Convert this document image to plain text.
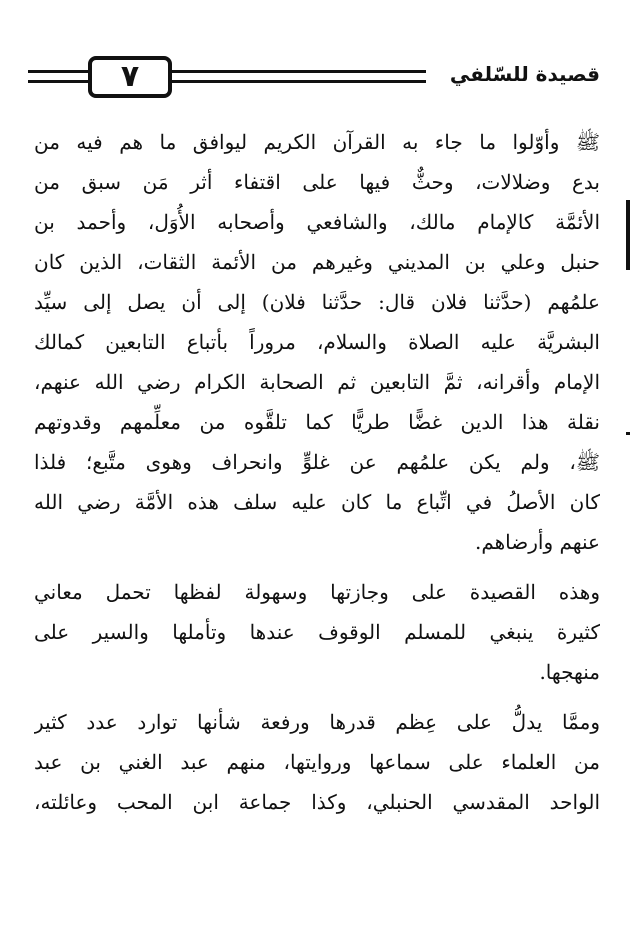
٧	قصيدة للسّلفي
ﷺ وأوّلوا ما جاء به القرآن الكريم ليوافق ما هم فيه من
بدع وضلالات، وحثٌّ فيها على اقتفاء أثر مَن سبق من
الأئمَّة كالإمام مالك، والشافعي وأصحابه الأُوَل، وأحمد بن
حنبل وعلي بن المديني وغيرهم من الأئمة الثقات، الذين كان
علمُهم (حدَّثنا فلان قال: حدَّثنا فلان) إلى أن يصل إلى سيِّد
البشريَّة عليه الصلاة والسلام، مروراً بأتباع التابعين كمالك
الإمام وأقرانه، ثمَّ التابعين ثم الصحابة الكرام رضي الله عنهم،
نقلة هذا الدين غضًّا طريًّا كما تلقَّوه من معلِّمهم وقدوتهم
ﷺ، ولم يكن علمُهم عن غلوٍّ وانحراف وهوى متَّبع؛ فلذا
كان الأصلُ في اتِّباع ما كان عليه سلف هذه الأمَّة رضي الله
عنهم وأرضاهم.
وهذه القصيدة على وجازتها وسهولة لفظها تحمل معاني
كثيرة ينبغي للمسلم الوقوف عندها وتأملها والسير على
منهجها.
وممَّا يدلُّ على عِظم قدرها ورفعة شأنها توارد عدد كثير
من العلماء على سماعها وروايتها، منهم عبد الغني بن عبد
الواحد المقدسي الحنبلي، وكذا جماعة ابن المحب وعائلته،
